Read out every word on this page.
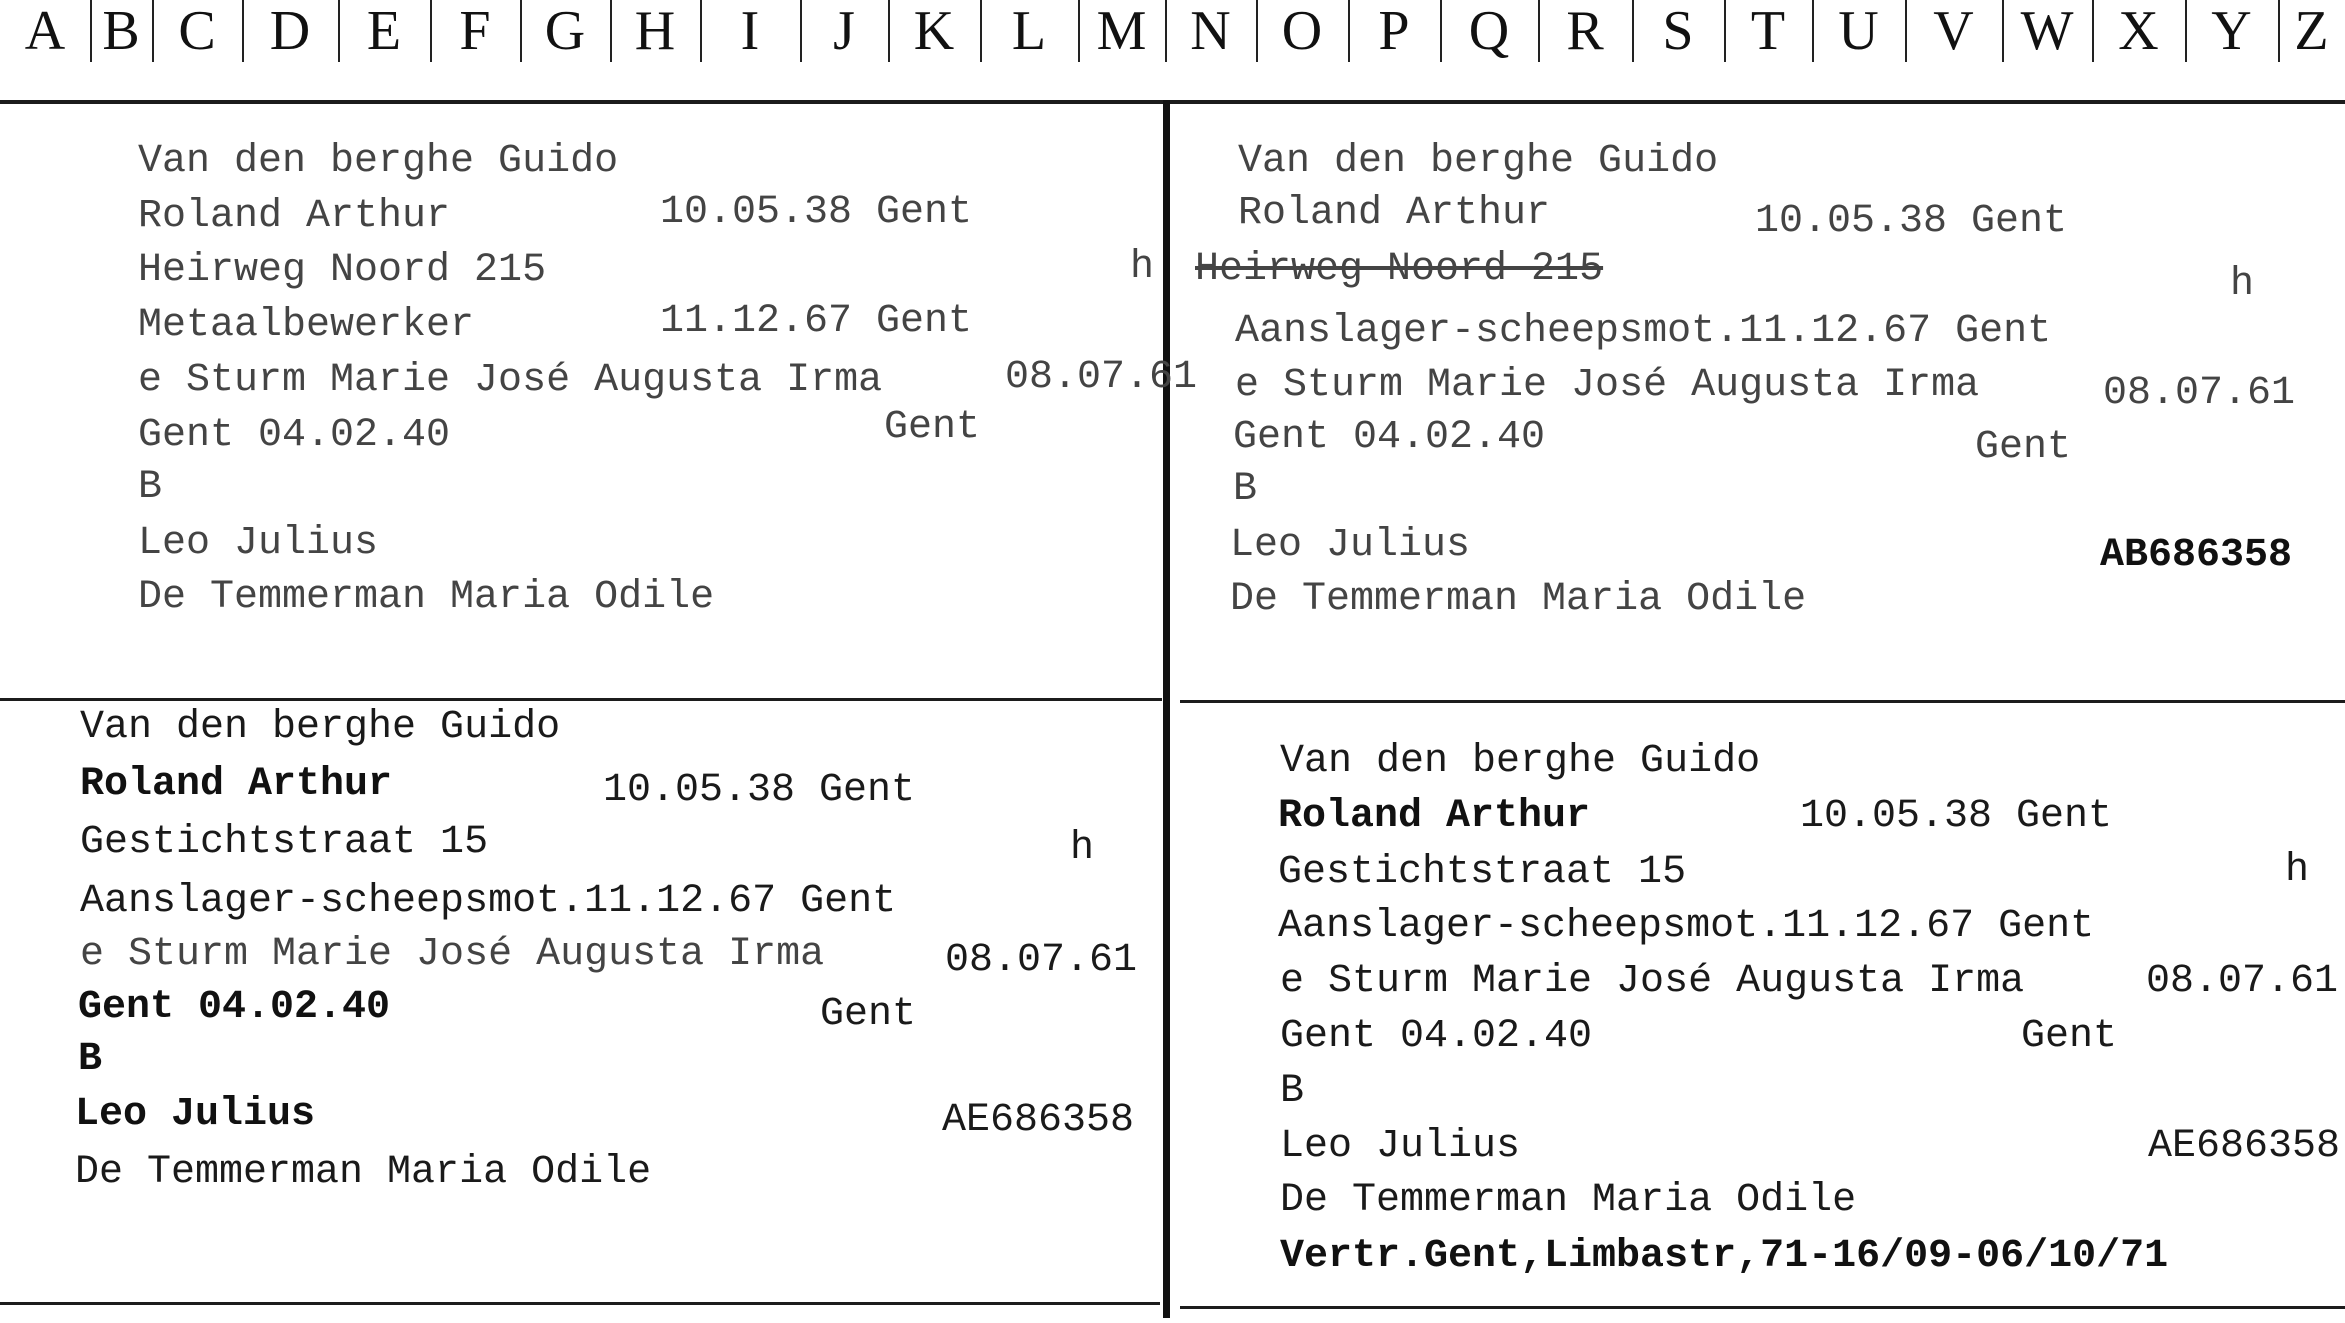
A B C D	E	F G H	I	J	K	L M N O	P	Q	R	S	T U V W X Y Z
Van den berghe Guido
Roland Arthur	10.05.38 Gent
Heirweg Noord 215	h
Metaalbewerker	11.12.67 Gent
e Sturm Marie José Augusta Irma	08.07.61
Gent 04.02.40	Gent
B
Leo Julius
De Temmerman Maria Odile
Van den berghe Guido
Roland Arthur	10.05.38 Gent
Heirweg Noord 215	h
Aanslager-scheepsmot.11.12.67 Gent
e Sturm Marie José Augusta Irma	08.07.61
Gent 04.02.40	Gent
B
Leo Julius	AB686358
De Temmerman Maria Odile
Van den berghe Guido
Roland Arthur	10.05.38 Gent
Gestichtstraat 15	h
Aanslager-scheepsmot.11.12.67 Gent
e Sturm Marie José Augusta Irma	08.07.61
Gent 04.02.40	Gent
B
Leo Julius	AE686358
De Temmerman Maria Odile
Van den berghe Guido
Roland Arthur	10.05.38 Gent
Gestichtstraat 15	h
Aanslager-scheepsmot.11.12.67 Gent
e Sturm Marie José Augusta Irma	08.07.61
Gent 04.02.40	Gent
B
Leo Julius	AE686358
De Temmerman Maria Odile
Vertr.Gent,Limbastr,71-16/09-06/10/71
